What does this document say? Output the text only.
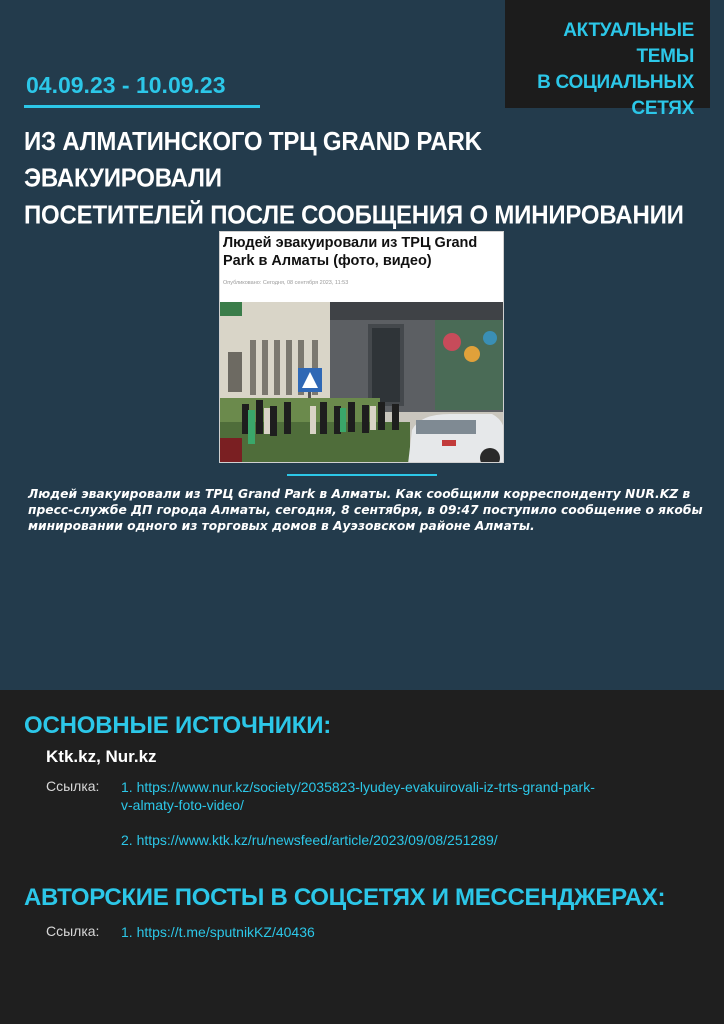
АКТУАЛЬНЫЕ ТЕМЫ
В СОЦИАЛЬНЫХ
СЕТЯХ
04.09.23 - 10.09.23
ИЗ АЛМАТИНСКОГО ТРЦ GRAND PARK ЭВАКУИРОВАЛИ
ПОСЕТИТЕЛЕЙ ПОСЛЕ СООБЩЕНИЯ О МИНИРОВАНИИ
Людей эвакуировали из ТРЦ Grand Park в Алматы (фото, видео)
Опубликовано: Сегодня, 08 сентября 2023, 11:53
Людей эвакуировали из ТРЦ Grand Park в Алматы. Как сообщили корреспонденту NUR.KZ в пресс-службе ДП города Алматы, сегодня, 8 сентября, в 09:47 поступило сообщение о якобы минировании одного из торговых домов в Ауэзовском районе Алматы.
ОСНОВНЫЕ ИСТОЧНИКИ:
Ktk.kz, Nur.kz
Ссылка: 1. https://www.nur.kz/society/2035823-lyudey-evakuirovali-iz-trts-grand-park-
v-almaty-foto-video/
2. https://www.ktk.kz/ru/newsfeed/article/2023/09/08/251289/
АВТОРСКИЕ ПОСТЫ В СОЦСЕТЯХ И МЕССЕНДЖЕРАХ:
Ссылка: 1. https://t.me/sputnikKZ/40436
